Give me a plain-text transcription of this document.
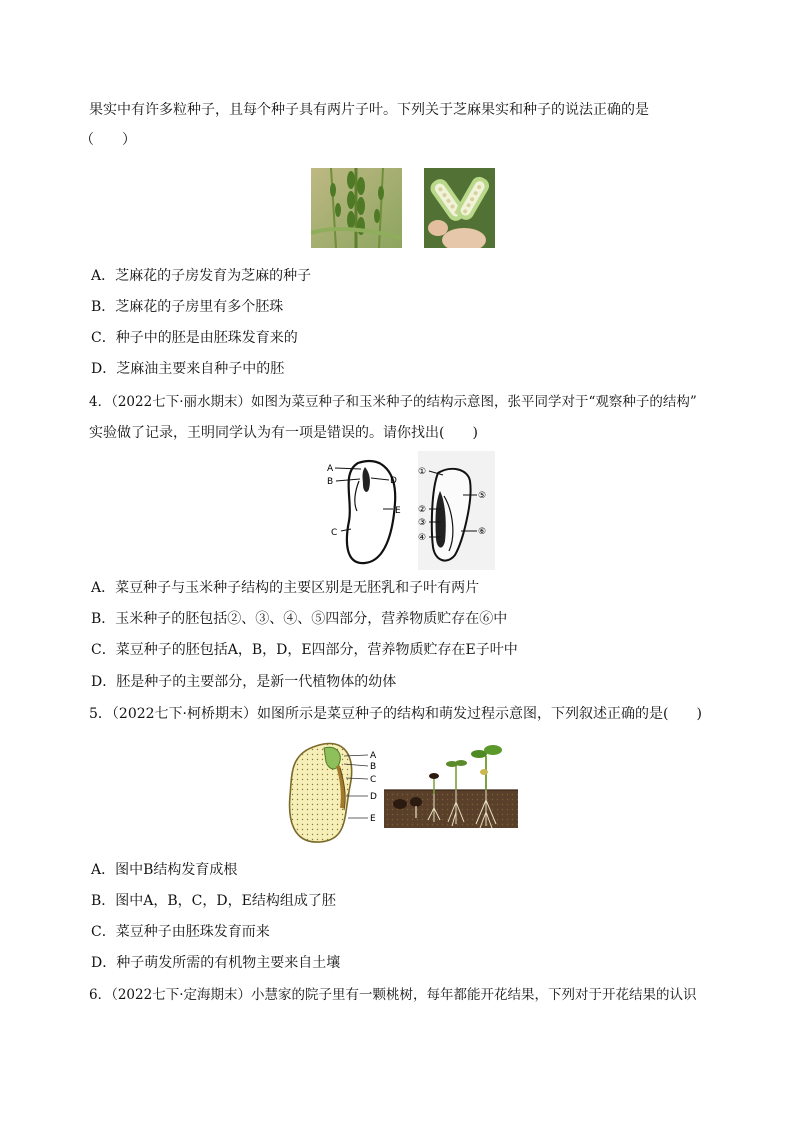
果实中有许多粒种子，且每个种子具有两片子叶。下列关于芝麻果实和种子的说法正确的是
（　　）
A．芝麻花的子房发育为芝麻的种子
B．芝麻花的子房里有多个胚珠
C．种子中的胚是由胚珠发育来的
D．芝麻油主要来自种子中的胚
4．（2022七下·丽水期末）如图为菜豆种子和玉米种子的结构示意图，张平同学对于“观察种子的结构”
实验做了记录，王明同学认为有一项是错误的。请你找出(　　)
A
B
C
D
E
①
②
③
④
⑤
⑥
A．菜豆种子与玉米种子结构的主要区别是无胚乳和子叶有两片
B．玉米种子的胚包括②、③、④、⑤四部分，营养物质贮存在⑥中
C．菜豆种子的胚包括A，B，D，E四部分，营养物质贮存在E子叶中
D．胚是种子的主要部分，是新一代植物体的幼体
5．（2022七下·柯桥期末）如图所示是菜豆种子的结构和萌发过程示意图，下列叙述正确的是(　　)
A
B
C
D
E
A．图中B结构发育成根
B．图中A，B，C，D，E结构组成了胚
C．菜豆种子由胚珠发育而来
D．种子萌发所需的有机物主要来自土壤
6．（2022七下·定海期末）小慧家的院子里有一颗桃树，每年都能开花结果，下列对于开花结果的认识
